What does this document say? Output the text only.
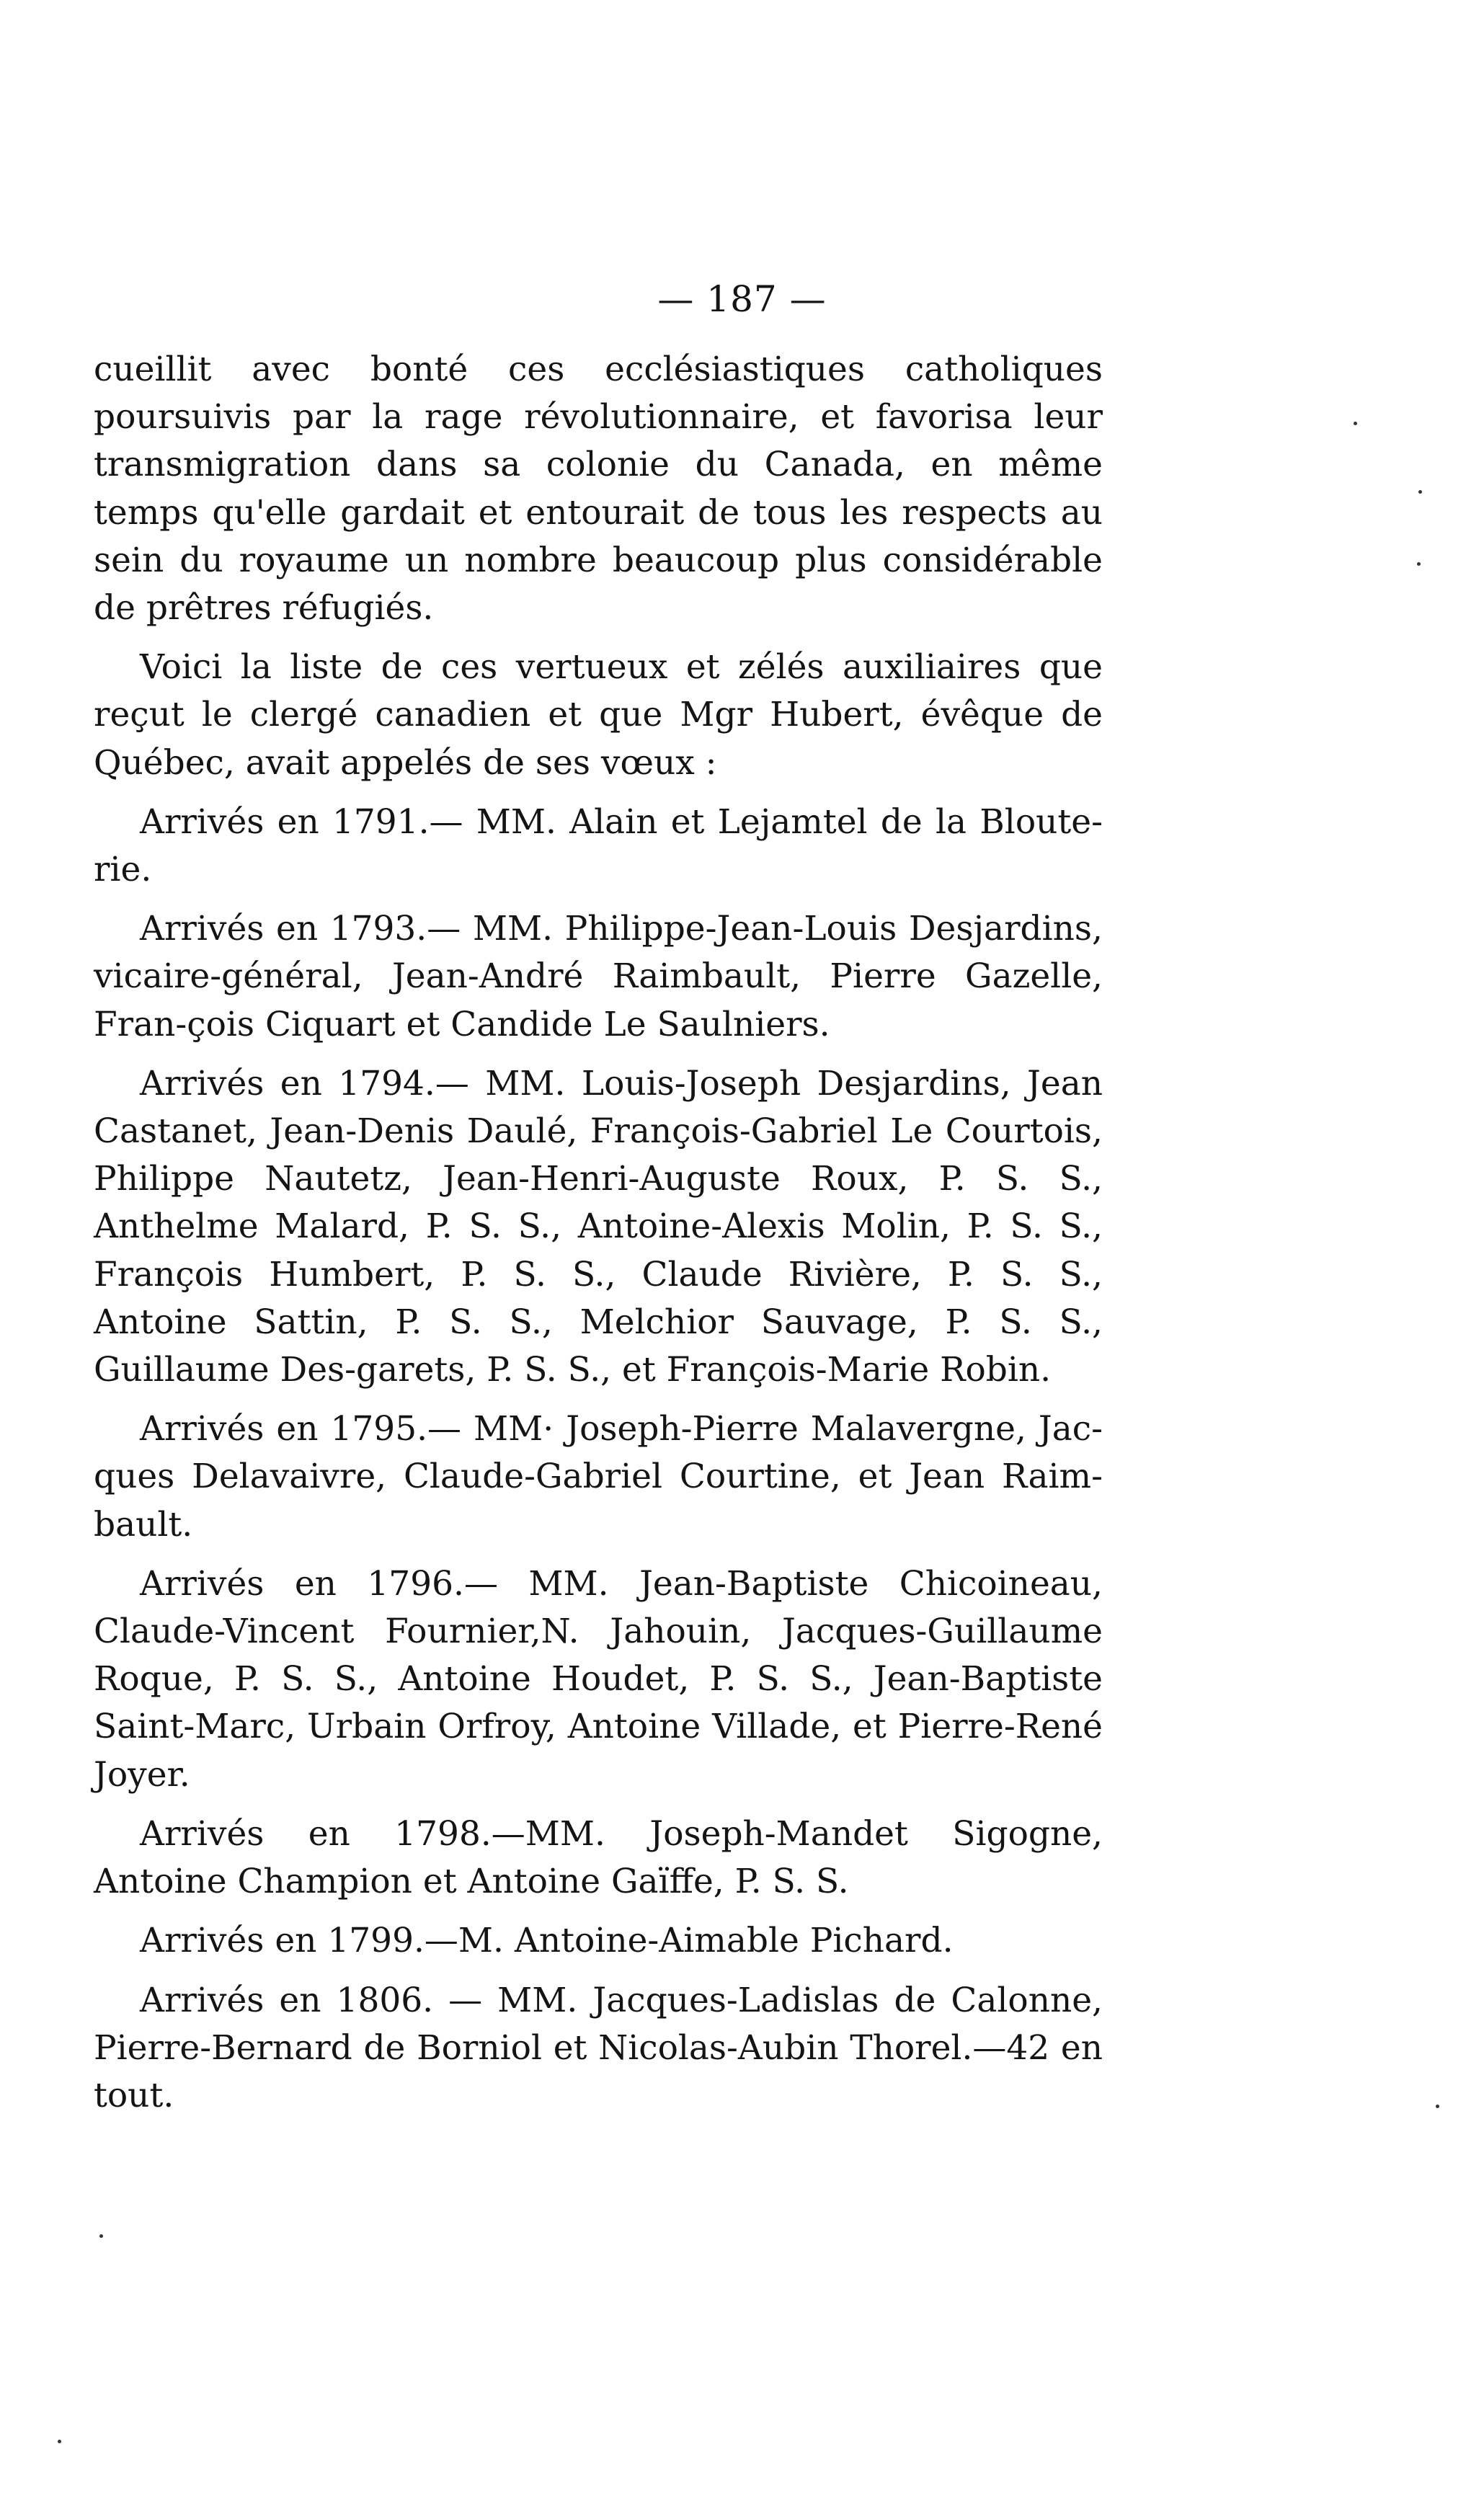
— 187 —

cueillit avec bonté ces ecclésiastiques catholiques poursuivis par la rage révolutionnaire, et favorisa leur transmigration dans sa colonie du Canada, en même temps qu'elle gardait et entourait de tous les respects au sein du royaume un nombre beaucoup plus considérable de prêtres réfugiés.

Voici la liste de ces vertueux et zélés auxiliaires que reçut le clergé canadien et que Mgr Hubert, évêque de Québec, avait appelés de ses vœux :

Arrivés en 1791.— MM. Alain et Lejamtel de la Bloute-rie.

Arrivés en 1793.— MM. Philippe-Jean-Louis Desjardins, vicaire-général, Jean-André Raimbault, Pierre Gazelle, Fran-çois Ciquart et Candide Le Saulniers.

Arrivés en 1794.— MM. Louis-Joseph Desjardins, Jean Castanet, Jean-Denis Daulé, François-Gabriel Le Courtois, Philippe Nautetz, Jean-Henri-Auguste Roux, P. S. S., Anthelme Malard, P. S. S., Antoine-Alexis Molin, P. S. S., François Humbert, P. S. S., Claude Rivière, P. S. S., Antoine Sattin, P. S. S., Melchior Sauvage, P. S. S., Guillaume Des-garets, P. S. S., et François-Marie Robin.

Arrivés en 1795.— MM· Joseph-Pierre Malavergne, Jac-ques Delavaivre, Claude-Gabriel Courtine, et Jean Raim-bault.

Arrivés en 1796.— MM. Jean-Baptiste Chicoineau, Claude-Vincent Fournier,N. Jahouin, Jacques-Guillaume Roque, P. S. S., Antoine Houdet, P. S. S., Jean-Baptiste Saint-Marc, Urbain Orfroy, Antoine Villade, et Pierre-René Joyer.

Arrivés en 1798.—MM. Joseph-Mandet Sigogne, Antoine Champion et Antoine Gaïffe, P. S. S.

Arrivés en 1799.—M. Antoine-Aimable Pichard.

Arrivés en 1806. — MM. Jacques-Ladislas de Calonne, Pierre-Bernard de Borniol et Nicolas-Aubin Thorel.—42 en tout.
